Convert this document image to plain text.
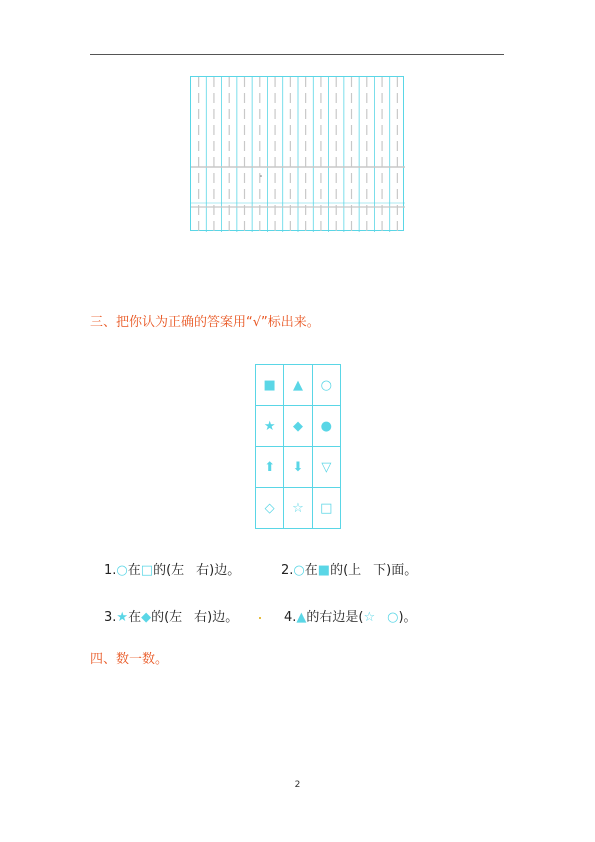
三、把你认为正确的答案用“√”标出来。
■	▲	○
★	◆	●
⬆	⬇	▽
◇	☆	□
1.○在□的(左 右)边。	2.○在■的(上 下)面。
3.★在◆的(左 右)边。	4.▲的右边是(☆ ○)。
四、数一数。
2
